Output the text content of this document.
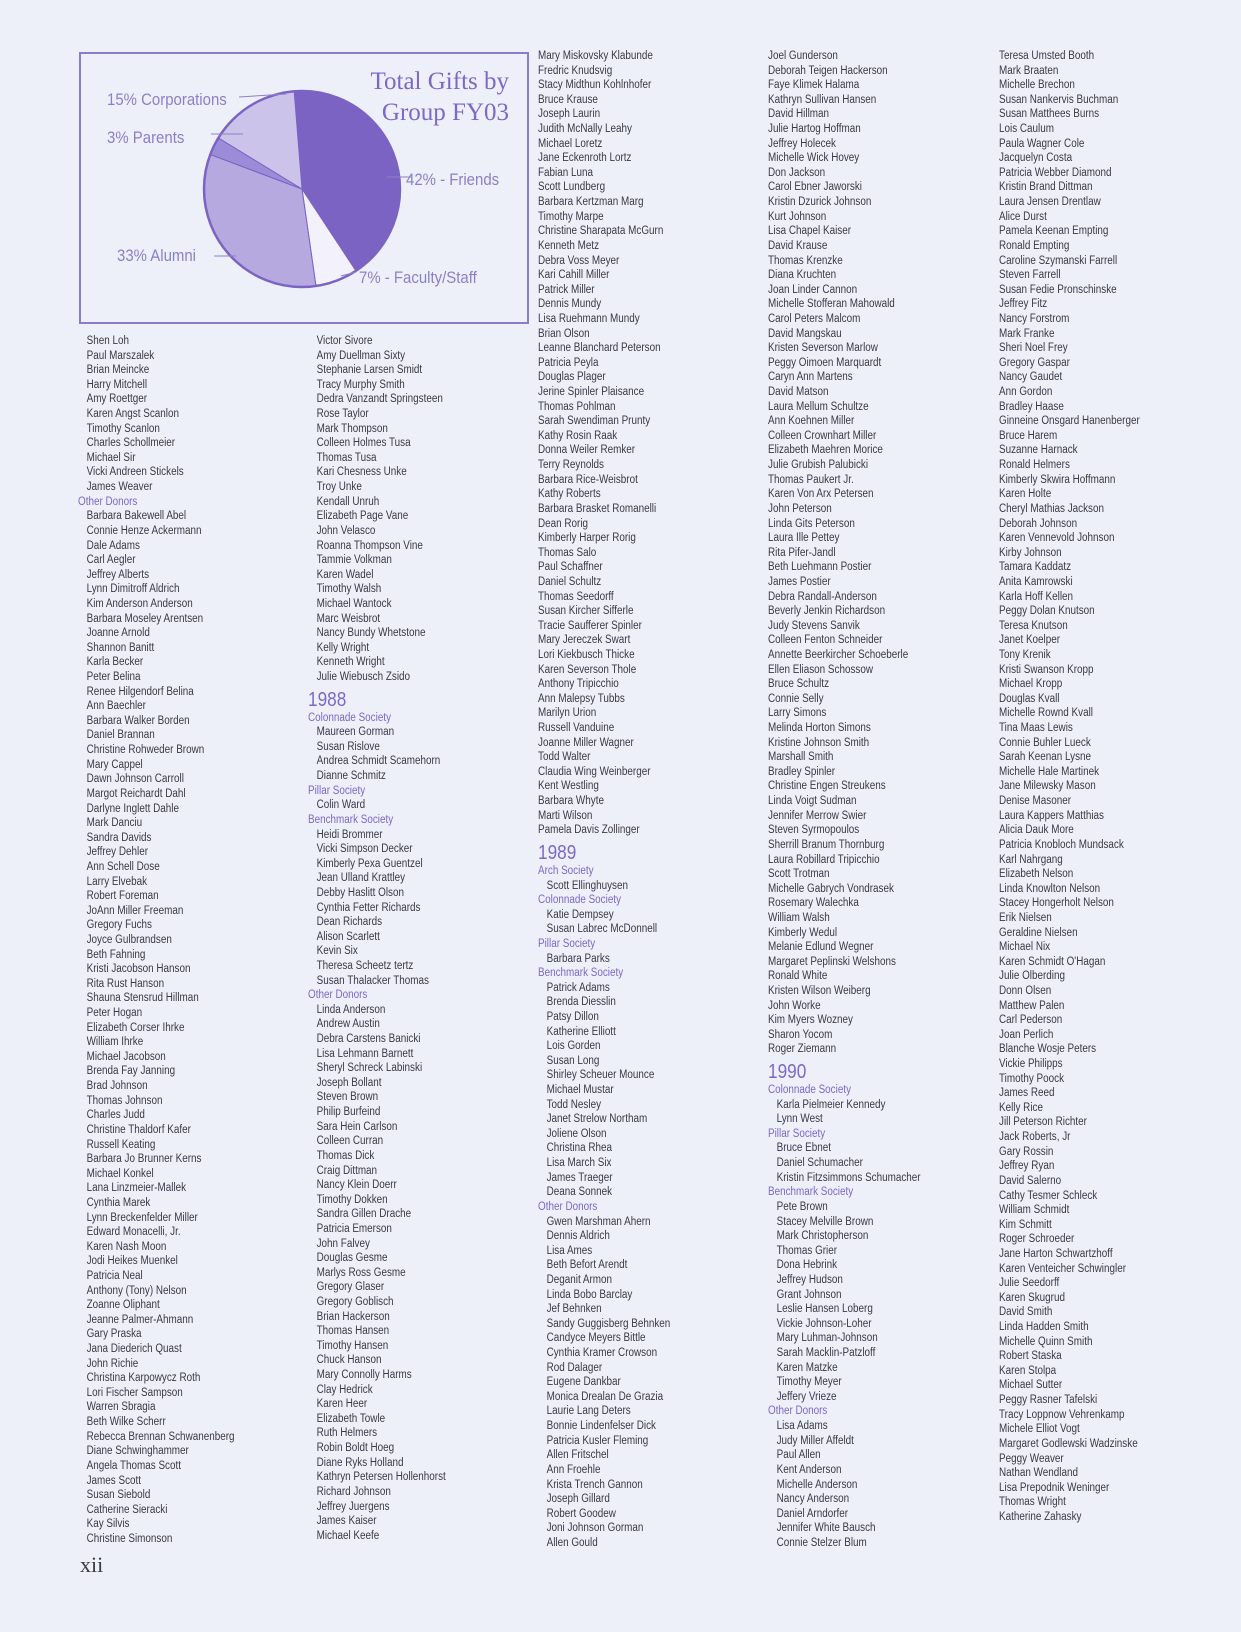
Total Gifts by
Group FY03
15% Corporations
3% Parents
42% - Friends
33% Alumni
7% - Faculty/Staff
Shen Loh
Paul Marszalek
Brian Meincke
Harry Mitchell
Amy Roettger
Karen Angst Scanlon
Timothy Scanlon
Charles Schollmeier
Michael Sir
Vicki Andreen Stickels
James Weaver
Other Donors
Barbara Bakewell Abel
Connie Henze Ackermann
Dale Adams
Carl Aegler
Jeffrey Alberts
Lynn Dimitroff Aldrich
Kim Anderson Anderson
Barbara Moseley Arentsen
Joanne Arnold
Shannon Banitt
Karla Becker
Peter Belina
Renee Hilgendorf Belina
Ann Baechler
Barbara Walker Borden
Daniel Brannan
Christine Rohweder Brown
Mary Cappel
Dawn Johnson Carroll
Margot Reichardt Dahl
Darlyne Inglett Dahle
Mark Danciu
Sandra Davids
Jeffrey Dehler
Ann Schell Dose
Larry Elvebak
Robert Foreman
JoAnn Miller Freeman
Gregory Fuchs
Joyce Gulbrandsen
Beth Fahning
Kristi Jacobson Hanson
Rita Rust Hanson
Shauna Stensrud Hillman
Peter Hogan
Elizabeth Corser Ihrke
William Ihrke
Michael Jacobson
Brenda Fay Janning
Brad Johnson
Thomas Johnson
Charles Judd
Christine Thaldorf Kafer
Russell Keating
Barbara Jo Brunner Kerns
Michael Konkel
Lana Linzmeier-Mallek
Cynthia Marek
Lynn Breckenfelder Miller
Edward Monacelli, Jr.
Karen Nash Moon
Jodi Heikes Muenkel
Patricia Neal
Anthony (Tony) Nelson
Zoanne Oliphant
Jeanne Palmer-Ahmann
Gary Praska
Jana Diederich Quast
John Richie
Christina Karpowycz Roth
Lori Fischer Sampson
Warren Sbragia
Beth Wilke Scherr
Rebecca Brennan Schwanenberg
Diane Schwinghammer
Angela Thomas Scott
James Scott
Susan Siebold
Catherine Sieracki
Kay Silvis
Christine Simonson
Victor Sivore
Amy Duellman Sixty
Stephanie Larsen Smidt
Tracy Murphy Smith
Dedra Vanzandt Springsteen
Rose Taylor
Mark Thompson
Colleen Holmes Tusa
Thomas Tusa
Kari Chesness Unke
Troy Unke
Kendall Unruh
Elizabeth Page Vane
John Velasco
Roanna Thompson Vine
Tammie Volkman
Karen Wadel
Timothy Walsh
Michael Wantock
Marc Weisbrot
Nancy Bundy Whetstone
Kelly Wright
Kenneth Wright
Julie Wiebusch Zsido
1988
Colonnade Society
Maureen Gorman
Susan Rislove
Andrea Schmidt Scamehorn
Dianne Schmitz
Pillar Society
Colin Ward
Benchmark Society
Heidi Brommer
Vicki Simpson Decker
Kimberly Pexa Guentzel
Jean Ulland Krattley
Debby Haslitt Olson
Cynthia Fetter Richards
Dean Richards
Alison Scarlett
Kevin Six
Theresa Scheetz tertz
Susan Thalacker Thomas
Other Donors
Linda Anderson
Andrew Austin
Debra Carstens Banicki
Lisa Lehmann Barnett
Sheryl Schreck Labinski
Joseph Bollant
Steven Brown
Philip Burfeind
Sara Hein Carlson
Colleen Curran
Thomas Dick
Craig Dittman
Nancy Klein Doerr
Timothy Dokken
Sandra Gillen Drache
Patricia Emerson
John Falvey
Douglas Gesme
Marlys Ross Gesme
Gregory Glaser
Gregory Goblisch
Brian Hackerson
Thomas Hansen
Timothy Hansen
Chuck Hanson
Mary Connolly Harms
Clay Hedrick
Karen Heer
Elizabeth Towle
Ruth Helmers
Robin Boldt Hoeg
Diane Ryks Holland
Kathryn Petersen Hollenhorst
Richard Johnson
Jeffrey Juergens
James Kaiser
Michael Keefe
Mary Miskovsky Klabunde
Fredric Knudsvig
Stacy Midthun Kohlnhofer
Bruce Krause
Joseph Laurin
Judith McNally Leahy
Michael Loretz
Jane Eckenroth Lortz
Fabian Luna
Scott Lundberg
Barbara Kertzman Marg
Timothy Marpe
Christine Sharapata McGurn
Kenneth Metz
Debra Voss Meyer
Kari Cahill Miller
Patrick Miller
Dennis Mundy
Lisa Ruehmann Mundy
Brian Olson
Leanne Blanchard Peterson
Patricia Peyla
Douglas Plager
Jerine Spinler Plaisance
Thomas Pohlman
Sarah Swendiman Prunty
Kathy Rosin Raak
Donna Weiler Remker
Terry Reynolds
Barbara Rice-Weisbrot
Kathy Roberts
Barbara Brasket Romanelli
Dean Rorig
Kimberly Harper Rorig
Thomas Salo
Paul Schaffner
Daniel Schultz
Thomas Seedorff
Susan Kircher Sifferle
Tracie Saufferer Spinler
Mary Jereczek Swart
Lori Kiekbusch Thicke
Karen Severson Thole
Anthony Tripicchio
Ann Malepsy Tubbs
Marilyn Urion
Russell Vanduine
Joanne Miller Wagner
Todd Walter
Claudia Wing Weinberger
Kent Westling
Barbara Whyte
Marti Wilson
Pamela Davis Zollinger
1989
Arch Society
Scott Ellinghuysen
Colonnade Society
Katie Dempsey
Susan Labrec McDonnell
Pillar Society
Barbara Parks
Benchmark Society
Patrick Adams
Brenda Diesslin
Patsy Dillon
Katherine Elliott
Lois Gorden
Susan Long
Shirley Scheuer Mounce
Michael Mustar
Todd Nesley
Janet Strelow Northam
Joliene Olson
Christina Rhea
Lisa March Six
James Traeger
Deana Sonnek
Other Donors
Gwen Marshman Ahern
Dennis Aldrich
Lisa Ames
Beth Befort Arendt
Deganit Armon
Linda Bobo Barclay
Jef Behnken
Sandy Guggisberg Behnken
Candyce Meyers Bittle
Cynthia Kramer Crowson
Rod Dalager
Eugene Dankbar
Monica Drealan De Grazia
Laurie Lang Deters
Bonnie Lindenfelser Dick
Patricia Kusler Fleming
Allen Fritschel
Ann Froehle
Krista Trench Gannon
Joseph Gillard
Robert Goodew
Joni Johnson Gorman
Allen Gould
Joel Gunderson
Deborah Teigen Hackerson
Faye Klimek Halama
Kathryn Sullivan Hansen
David Hillman
Julie Hartog Hoffman
Jeffrey Holecek
Michelle Wick Hovey
Don Jackson
Carol Ebner Jaworski
Kristin Dzurick Johnson
Kurt Johnson
Lisa Chapel Kaiser
David Krause
Thomas Krenzke
Diana Kruchten
Joan Linder Cannon
Michelle Stofferan Mahowald
Carol Peters Malcom
David Mangskau
Kristen Severson Marlow
Peggy Oimoen Marquardt
Caryn Ann Martens
David Matson
Laura Mellum Schultze
Ann Koehnen Miller
Colleen Crownhart Miller
Elizabeth Maehren Morice
Julie Grubish Palubicki
Thomas Paukert Jr.
Karen Von Arx Petersen
John Peterson
Linda Gits Peterson
Laura Ille Pettey
Rita Pifer-Jandl
Beth Luehmann Postier
James Postier
Debra Randall-Anderson
Beverly Jenkin Richardson
Judy Stevens Sanvik
Colleen Fenton Schneider
Annette Beerkircher Schoeberle
Ellen Eliason Schossow
Bruce Schultz
Connie Selly
Larry Simons
Melinda Horton Simons
Kristine Johnson Smith
Marshall Smith
Bradley Spinler
Christine Engen Streukens
Linda Voigt Sudman
Jennifer Merrow Swier
Steven Syrmopoulos
Sherrill Branum Thornburg
Laura Robillard Tripicchio
Scott Trotman
Michelle Gabrych Vondrasek
Rosemary Walechka
William Walsh
Kimberly Wedul
Melanie Edlund Wegner
Margaret Peplinski Welshons
Ronald White
Kristen Wilson Weiberg
John Worke
Kim Myers Wozney
Sharon Yocom
Roger Ziemann
1990
Colonnade Society
Karla Pielmeier Kennedy
Lynn West
Pillar Society
Bruce Ebnet
Daniel Schumacher
Kristin Fitzsimmons Schumacher
Benchmark Society
Pete Brown
Stacey Melville Brown
Mark Christopherson
Thomas Grier
Dona Hebrink
Jeffrey Hudson
Grant Johnson
Leslie Hansen Loberg
Vickie Johnson-Loher
Mary Luhman-Johnson
Sarah Macklin-Patzloff
Karen Matzke
Timothy Meyer
Jeffery Vrieze
Other Donors
Lisa Adams
Judy Miller Affeldt
Paul Allen
Kent Anderson
Michelle Anderson
Nancy Anderson
Daniel Arndorfer
Jennifer White Bausch
Connie Stelzer Blum
Teresa Umsted Booth
Mark Braaten
Michelle Brechon
Susan Nankervis Buchman
Susan Matthees Burns
Lois Caulum
Paula Wagner Cole
Jacquelyn Costa
Patricia Webber Diamond
Kristin Brand Dittman
Laura Jensen Drentlaw
Alice Durst
Pamela Keenan Empting
Ronald Empting
Caroline Szymanski Farrell
Steven Farrell
Susan Fedie Pronschinske
Jeffrey Fitz
Nancy Forstrom
Mark Franke
Sheri Noel Frey
Gregory Gaspar
Nancy Gaudet
Ann Gordon
Bradley Haase
Ginneine Onsgard Hanenberger
Bruce Harem
Suzanne Harnack
Ronald Helmers
Kimberly Skwira Hoffmann
Karen Holte
Cheryl Mathias Jackson
Deborah Johnson
Karen Vennevold Johnson
Kirby Johnson
Tamara Kaddatz
Anita Kamrowski
Karla Hoff Kellen
Peggy Dolan Knutson
Teresa Knutson
Janet Koelper
Tony Krenik
Kristi Swanson Kropp
Michael Kropp
Douglas Kvall
Michelle Rownd Kvall
Tina Maas Lewis
Connie Buhler Lueck
Sarah Keenan Lysne
Michelle Hale Martinek
Jane Milewsky Mason
Denise Masoner
Laura Kappers Matthias
Alicia Dauk More
Patricia Knobloch Mundsack
Karl Nahrgang
Elizabeth Nelson
Linda Knowlton Nelson
Stacey Hongerholt Nelson
Erik Nielsen
Geraldine Nielsen
Michael Nix
Karen Schmidt O'Hagan
Julie Olberding
Donn Olsen
Matthew Palen
Carl Pederson
Joan Perlich
Blanche Wosje Peters
Vickie Philipps
Timothy Poock
James Reed
Kelly Rice
Jill Peterson Richter
Jack Roberts, Jr
Gary Rossin
Jeffrey Ryan
David Salerno
Cathy Tesmer Schleck
William Schmidt
Kim Schmitt
Roger Schroeder
Jane Harton Schwartzhoff
Karen Venteicher Schwingler
Julie Seedorff
Karen Skugrud
David Smith
Linda Hadden Smith
Michelle Quinn Smith
Robert Staska
Karen Stolpa
Michael Sutter
Peggy Rasner Tafelski
Tracy Loppnow Vehrenkamp
Michele Elliot Vogt
Margaret Godlewski Wadzinske
Peggy Weaver
Nathan Wendland
Lisa Prepodnik Weninger
Thomas Wright
Katherine Zahasky
xii
